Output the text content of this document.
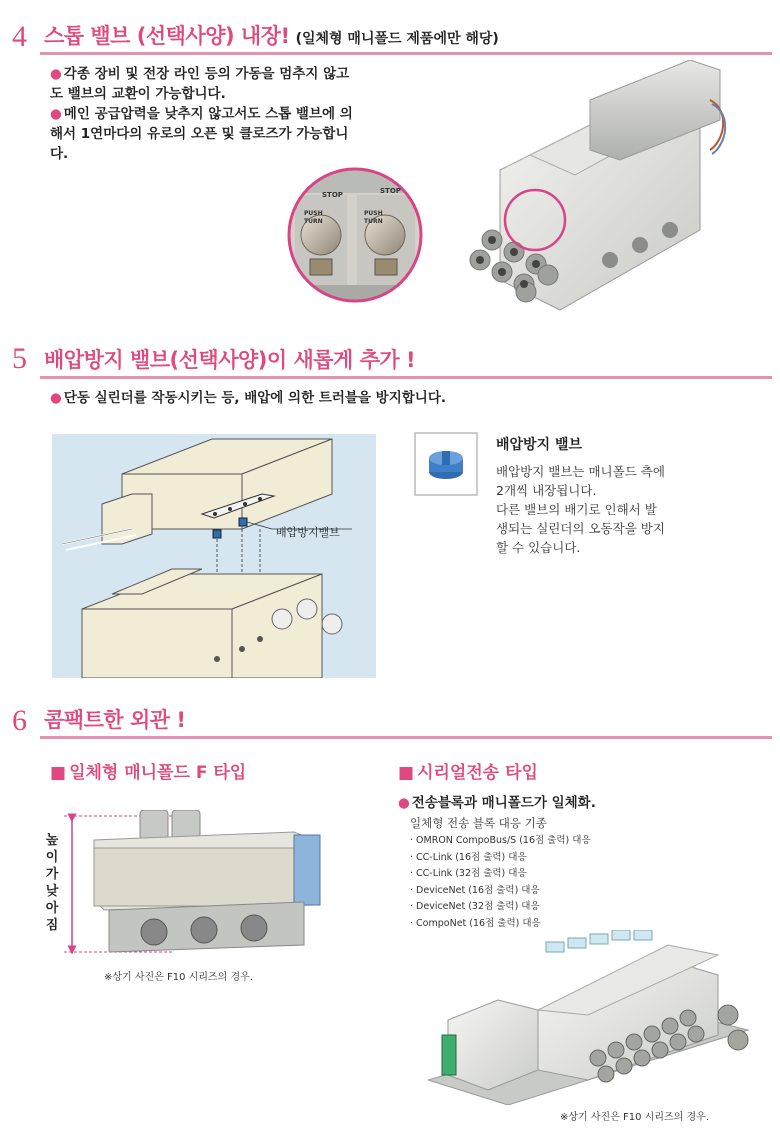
4 스톱 밸브 (선택사양) 내장! (일체형 매니폴드 제품에만 해당)
● 각종 장비 및 전장 라인 등의 가동을 멈추지 않고도 밸브의 교환이 가능합니다.
● 메인 공급압력을 낮추지 않고서도 스톱 밸브에 의해서 1연마다의 유로의 오픈 및 클로즈가 가능합니다.
STOP	STOP
PUSH
TURN
PUSH
TURN
5 배압방지 밸브(선택사양)이 새롭게 추가 !
● 단동 실린더를 작동시키는 등, 배압에 의한 트러블을 방지합니다.
배압방지밸브
배압방지 밸브
배압방지 밸브는 매니폴드 측에
2개씩 내장됩니다.
다른 밸브의 배기로 인해서 발
생되는 실린더의 오동작을 방지
할 수 있습니다.
6 콤팩트한 외관 !
■ 일체형 매니폴드 F 타입
높
이
가
낮
아
짐
※상기 사진은 F10 시리즈의 경우.
■ 시리얼전송 타입
● 전송블록과 매니폴드가 일체화.
일체형 전송 블록 대응 기종
· OMRON CompoBus/S (16점 출력) 대응
· CC-Link (16점 출력) 대응
· CC-Link (32점 출력) 대응
· DeviceNet (16점 출력) 대응
· DeviceNet (32점 출력) 대응
· CompoNet (16점 출력) 대응
※상기 사진은 F10 시리즈의 경우.
